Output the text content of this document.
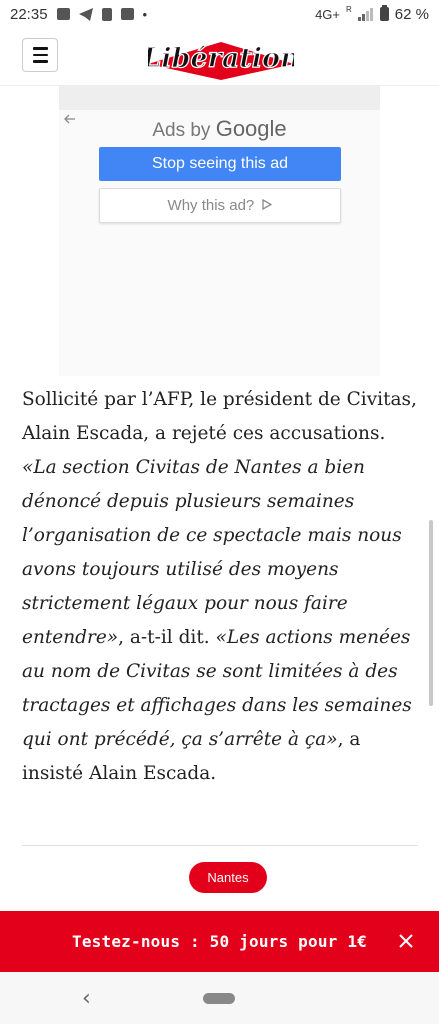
22:35	•	4G+ R	62 %
Libération
Ads by Google
Stop seeing this ad
Why this ad?
Sollicité par l’AFP, le président de Civitas, Alain Escada, a rejeté ces accusations. «La section Civitas de Nantes a bien dénoncé depuis plusieurs semaines l’organisation de ce spectacle mais nous avons toujours utilisé des moyens strictement légaux pour nous faire entendre», a-t-il dit. «Les actions menées au nom de Civitas se sont limitées à des tractages et affichages dans les semaines qui ont précédé, ça s’arrête à ça», a insisté Alain Escada.
Nantes
Testez-nous : 50 jours pour 1€
‹
